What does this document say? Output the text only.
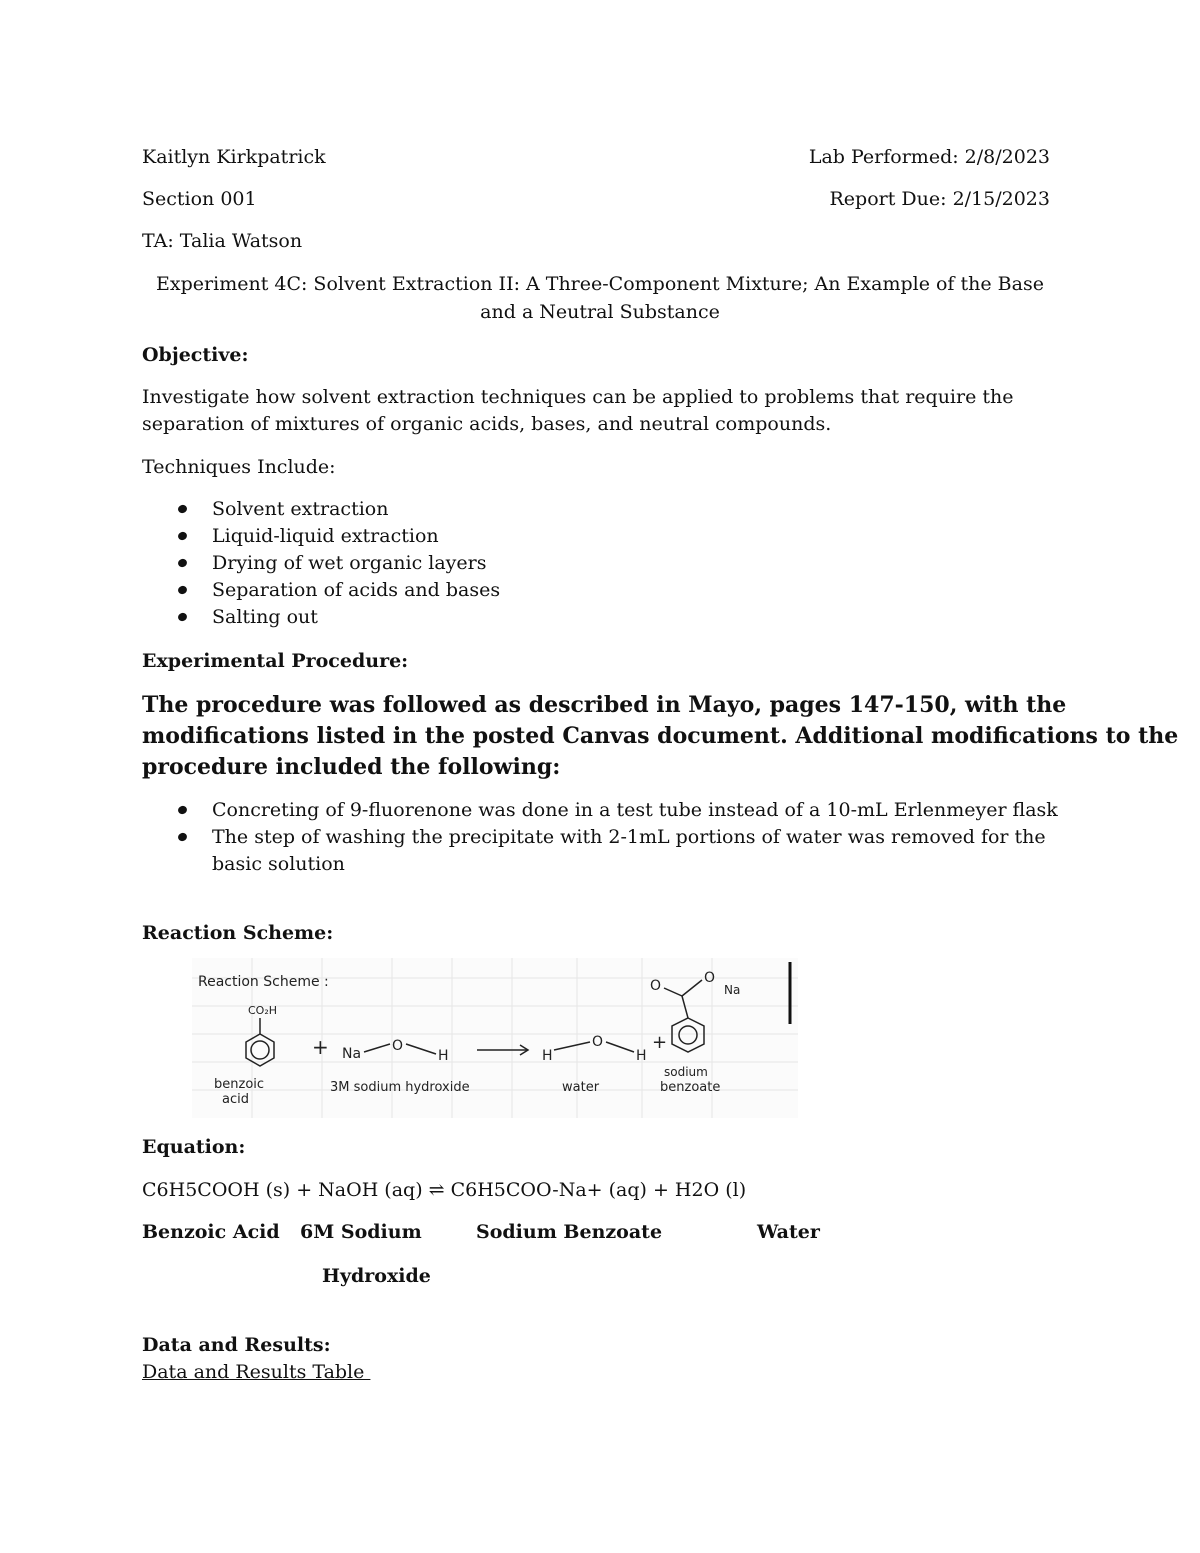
Kaitlyn Kirkpatrick
Section 001
TA: Talia Watson
Lab Performed: 2/8/2023
Report Due: 2/15/2023
Experiment 4C: Solvent Extraction II: A Three-Component Mixture; An Example of the Base
and a Neutral Substance
Objective:
Investigate how solvent extraction techniques can be applied to problems that require the
separation of mixtures of organic acids, bases, and neutral compounds.
Techniques Include:
Solvent extraction
Liquid-liquid extraction
Drying of wet organic layers
Separation of acids and bases
Salting out
Experimental Procedure:
The procedure was followed as described in Mayo, pages 147-150, with the
modifications listed in the posted Canvas document. Additional modifications to the
procedure included the following:
Concreting of 9-fluorenone was done in a test tube instead of a 10-mL Erlenmeyer flask
The step of washing the precipitate with 2-1mL portions of water was removed for the
basic solution
Reaction Scheme:
Reaction Scheme :
CO₂H
+ Na O
H	H
O
H
+
O	O
Na
benzoic
acid
3M sodium hydroxide	water
sodium
benzoate
Equation:
C6H5COOH (s) + NaOH (aq) ⇌ C6H5COO-Na+ (aq) + H2O (l)
Benzoic Acid 6M Sodium	Sodium Benzoate	Water
Hydroxide
Data and Results:
Data and Results Table
